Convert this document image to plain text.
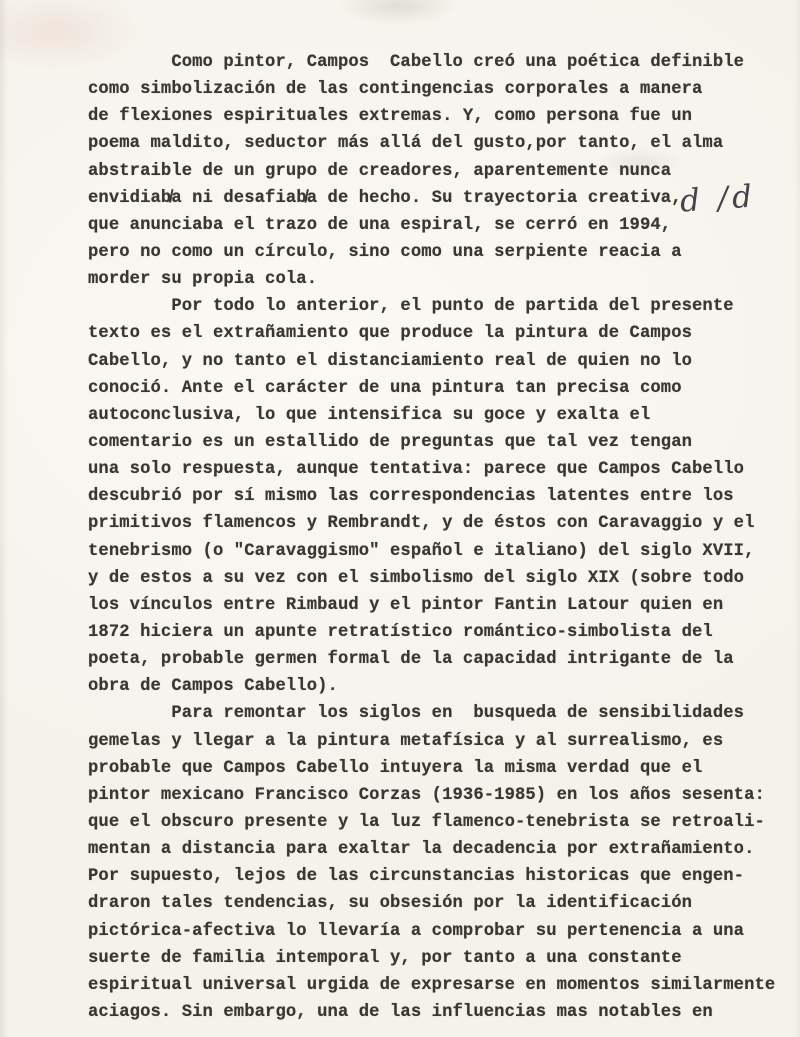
Como pintor, Campos  Cabello creó una poética definible
como simbolización de las contingencias corporales a manera
de flexiones espirituales extremas. Y, como persona fue un
poema maldito, seductor más allá del gusto,por tanto, el alma
abstraible de un grupo de creadores, aparentemente nunca
envidiab̸a ni desafiab̸a de hecho. Su trayectoria creativa,
que anunciaba el trazo de una espiral, se cerró en 1994,
pero no como un círculo, sino como una serpiente reacia a
morder su propia cola.
Por todo lo anterior, el punto de partida del presente
texto es el extrañamiento que produce la pintura de Campos
Cabello, y no tanto el distanciamiento real de quien no lo
conoció. Ante el carácter de una pintura tan precisa como
autoconclusiva, lo que intensifica su goce y exalta el
comentario es un estallido de preguntas que tal vez tengan
una solo respuesta, aunque tentativa: parece que Campos Cabello
descubrió por sí mismo las correspondencias latentes entre los
primitivos flamencos y Rembrandt, y de éstos con Caravaggio y el
tenebrismo (o "Caravaggismo" español e italiano) del siglo XVII,
y de estos a su vez con el simbolismo del siglo XIX (sobre todo
los vínculos entre Rimbaud y el pintor Fantin Latour quien en
1872 hiciera un apunte retratístico romántico-simbolista del
poeta, probable germen formal de la capacidad intrigante de la
obra de Campos Cabello).
Para remontar los siglos en  busqueda de sensibilidades
gemelas y llegar a la pintura metafísica y al surrealismo, es
probable que Campos Cabello intuyera la misma verdad que el
pintor mexicano Francisco Corzas (1936-1985) en los años sesenta:
que el obscuro presente y la luz flamenco-tenebrista se retroali-
mentan a distancia para exaltar la decadencia por extrañamiento.
Por supuesto, lejos de las circunstancias historicas que engen-
draron tales tendencias, su obsesión por la identificación
pictórica-afectiva lo llevaría a comprobar su pertenencia a una
suerte de familia intemporal y, por tanto a una constante
espiritual universal urgida de expresarse en momentos similarmente
aciagos. Sin embargo, una de las influencias mas notables en
d /d
